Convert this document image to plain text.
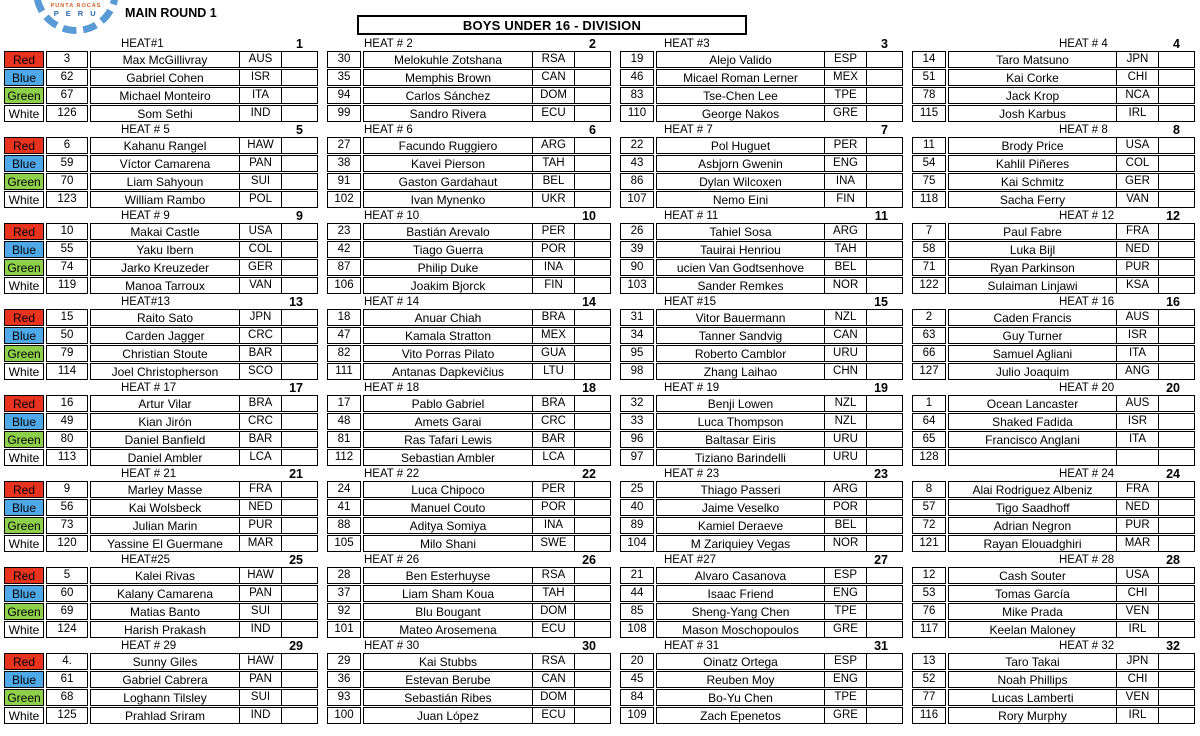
PUNTA ROCAS
P E R U MAIN ROUND 1
BOYS UNDER 16 - DIVISION
HEAT#1	1
Red	3	Max McGillivray	AUS
Blue	62	Gabriel Cohen	ISR
Green	67	Michael Monteiro	ITA
White	126	Som Sethi	IND
HEAT # 2	2
30	Melokuhle Zotshana	RSA
35	Memphis Brown	CAN
94	Carlos Sánchez	DOM
99	Sandro Rivera	ECU
HEAT #3	3
19	Alejo Valido	ESP
46	Micael Roman Lerner	MEX
83	Tse-Chen Lee	TPE
110	George Nakos	GRE
HEAT # 4	4
14	Taro Matsuno	JPN
51	Kai Corke	CHI
78	Jack Krop	NCA
115	Josh Karbus	IRL
HEAT # 5	5
Red	6	Kahanu Rangel	HAW
Blue	59	Víctor Camarena	PAN
Green	70	Liam Sahyoun	SUI
White	123	William Rambo	POL
HEAT # 6	6
27	Facundo Ruggiero	ARG
38	Kavei Pierson	TAH
91	Gaston Gardahaut	BEL
102	Ivan Mynenko	UKR
HEAT # 7	7
22	Pol Huguet	PER
43	Asbjorn Gwenin	ENG
86	Dylan Wilcoxen	INA
107	Nemo Eini	FIN
HEAT # 8	8
11	Brody Price	USA
54	Kahlil Piñeres	COL
75	Kai Schmitz	GER
118	Sacha Ferry	VAN
HEAT # 9	9
Red	10	Makai Castle	USA
Blue	55	Yaku Ibern	COL
Green	74	Jarko Kreuzeder	GER
White	119	Manoa Tarroux	VAN
HEAT # 10	10
23	Bastián Arevalo	PER
42	Tiago Guerra	POR
87	Philip Duke	INA
106	Joakim Bjorck	FIN
HEAT # 11	11
26	Tahiel Sosa	ARG
39	Tauirai Henriou	TAH
90	ucien Van Godtsenhove	BEL
103	Sander Remkes	NOR
HEAT # 12	12
7	Paul Fabre	FRA
58	Luka Bijl	NED
71	Ryan Parkinson	PUR
122	Sulaiman Linjawi	KSA
HEAT#13	13
Red	15	Raito Sato	JPN
Blue	50	Carden Jagger	CRC
Green	79	Christian Stoute	BAR
White	114	Joel Christopherson	SCO
HEAT # 14	14
18	Anuar Chiah	BRA
47	Kamala Stratton	MEX
82	Vito Porras Pilato	GUA
111	Antanas Dapkevičius	LTU
HEAT #15	15
31	Vitor Bauermann	NZL
34	Tanner Sandvig	CAN
95	Roberto Camblor	URU
98	Zhang Laihao	CHN
HEAT # 16	16
2	Caden Francis	AUS
63	Guy Turner	ISR
66	Samuel Agliani	ITA
127	Julio Joaquim	ANG
HEAT # 17	17
Red	16	Artur Vilar	BRA
Blue	49	Kian Jirón	CRC
Green	80	Daniel Banfield	BAR
White	113	Daniel Ambler	LCA
HEAT # 18	18
17	Pablo Gabriel	BRA
48	Amets Garai	CRC
81	Ras Tafari Lewis	BAR
112	Sebastian Ambler	LCA
HEAT # 19	19
32	Benji Lowen	NZL
33	Luca Thompson	NZL
96	Baltasar Eiris	URU
97	Tiziano Barindelli	URU
HEAT # 20	20
1	Ocean Lancaster	AUS
64	Shaked Fadida	ISR
65	Francisco Anglani	ITA
128
HEAT # 21	21
Red	9	Marley Masse	FRA
Blue	56	Kai Wolsbeck	NED
Green	73	Julian Marin	PUR
White	120	Yassine El Guermane	MAR
HEAT # 22	22
24	Luca Chipoco	PER
41	Manuel Couto	POR
88	Aditya Somiya	INA
105	Milo Shani	SWE
HEAT # 23	23
25	Thiago Passeri	ARG
40	Jaime Veselko	POR
89	Kamiel Deraeve	BEL
104	M Zariquiey Vegas	NOR
HEAT # 24	24
8	Alai Rodriguez Albeniz	FRA
57	Tigo Saadhoff	NED
72	Adrian Negron	PUR
121	Rayan Elouadghiri	MAR
HEAT#25	25
Red	5	Kalei Rivas	HAW
Blue	60	Kalany Camarena	PAN
Green	69	Matias Banto	SUI
White	124	Harish Prakash	IND
HEAT # 26	26
28	Ben Esterhuyse	RSA
37	Liam Sham Koua	TAH
92	Blu Bougant	DOM
101	Mateo Arosemena	ECU
HEAT #27	27
21	Alvaro Casanova	ESP
44	Isaac Friend	ENG
85	Sheng-Yang Chen	TPE
108	Mason Moschopoulos	GRE
HEAT # 28	28
12	Cash Souter	USA
53	Tomas García	CHI
76	Mike Prada	VEN
117	Keelan Maloney	IRL
HEAT # 29	29
Red	4.	Sunny Giles	HAW
Blue	61	Gabriel Cabrera	PAN
Green	68	Loghann Tilsley	SUI
White	125	Prahlad Sriram	IND
HEAT # 30	30
29	Kai Stubbs	RSA
36	Estevan Berube	CAN
93	Sebastián Ribes	DOM
100	Juan López	ECU
HEAT # 31	31
20	Oinatz Ortega	ESP
45	Reuben Moy	ENG
84	Bo-Yu Chen	TPE
109	Zach Epenetos	GRE
HEAT # 32	32
13	Taro Takai	JPN
52	Noah Phillips	CHI
77	Lucas Lamberti	VEN
116	Rory Murphy	IRL
